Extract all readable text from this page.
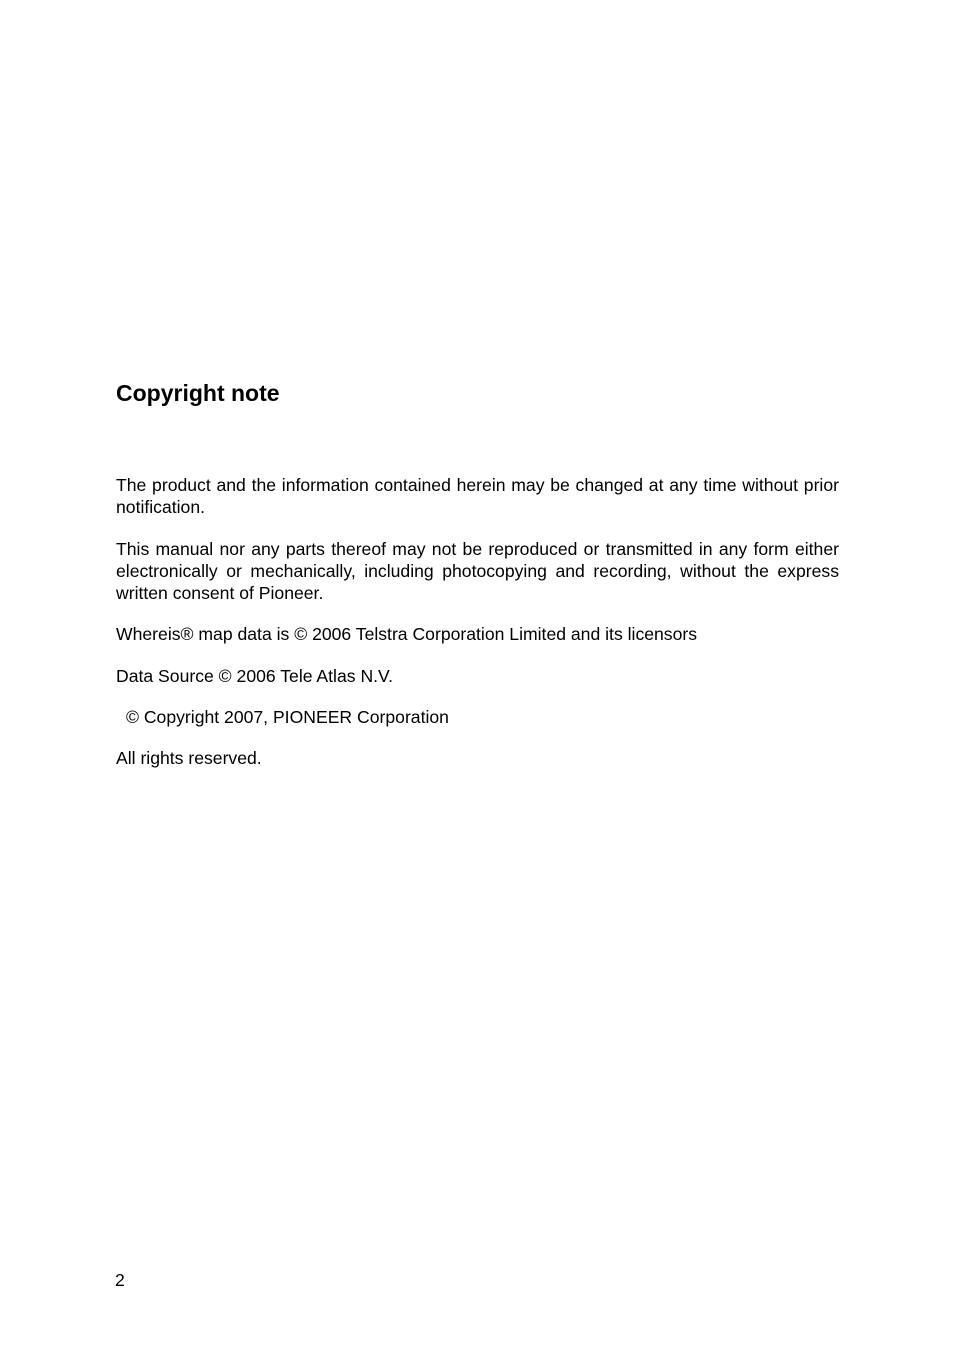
Copyright note

The product and the information contained herein may be changed at any time without prior notification.

This manual nor any parts thereof may not be reproduced or transmitted in any form either electronically or mechanically, including photocopying and recording, without the express written consent of Pioneer.

Whereis® map data is © 2006 Telstra Corporation Limited and its licensors

Data Source © 2006 Tele Atlas N.V.

© Copyright 2007, PIONEER Corporation

All rights reserved.

2
